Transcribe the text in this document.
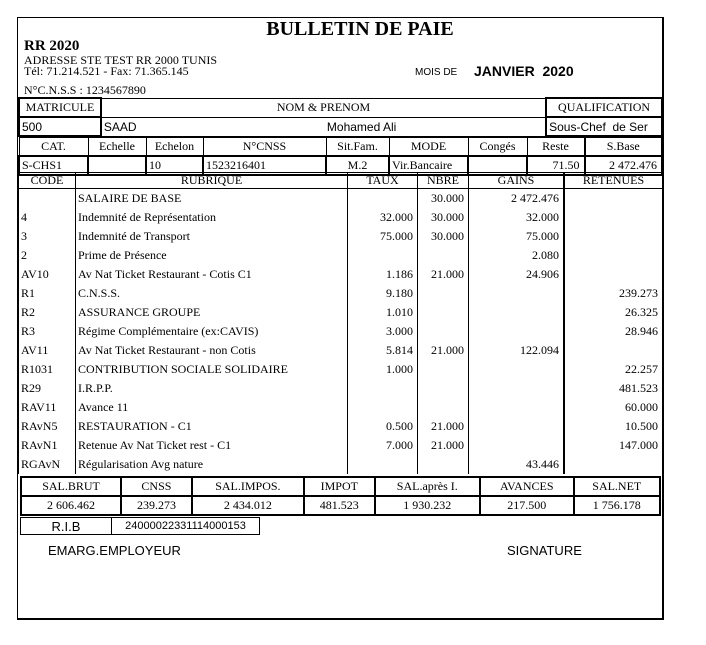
BULLETIN DE PAIE
RR 2020
ADRESSE STE TEST RR 2000 TUNIS
Tél: 71.214.521 - Fax: 71.365.145
N°C.N.S.S : 1234567890
MOIS DE JANVIER  2020
MATRICULE	NOM & PRENOM	QUALIFICATION
500	SAAD Mohamed Ali	Sous-Chef  de Ser
CAT.	Echelle	Echelon	N°CNSS	Sit.Fam.	MODE	Congés	Reste	S.Base
S-CHS1		10	1523216401	M.2	Vir.Bancaire		71.50	2 472.476
CODE	RUBRIQUE	TAUX	NBRE	GAINS	RETENUES
	SALAIRE DE BASE		30.000	2 472.476	
4	Indemnité de Représentation	32.000	30.000	32.000	
3	Indemnité de Transport	75.000	30.000	75.000	
2	Prime de Présence			2.080	
AV10	Av Nat Ticket Restaurant - Cotis C1	1.186	21.000	24.906	
R1	C.N.S.S.	9.180			239.273
R2	ASSURANCE GROUPE	1.010			26.325
R3	Régime Complémentaire (ex:CAVIS)	3.000			28.946
AV11	Av Nat Ticket Restaurant - non Cotis	5.814	21.000	122.094	
R1031	CONTRIBUTION SOCIALE SOLIDAIRE	1.000			22.257
R29	I.R.P.P.				481.523
RAV11	Avance 11				60.000
RAvN5	RESTAURATION - C1	0.500	21.000		10.500
RAvN1	Retenue Av Nat Ticket rest - C1	7.000	21.000		147.000
RGAvN	Régularisation Avg nature			43.446	
SAL.BRUT	CNSS	SAL.IMPOS.	IMPOT	SAL.après I.	AVANCES	SAL.NET
2 606.462	239.273	2 434.012	481.523	1 930.232	217.500	1 756.178
R.I.B	24000022331114000153
EMARG.EMPLOYEUR	SIGNATURE
